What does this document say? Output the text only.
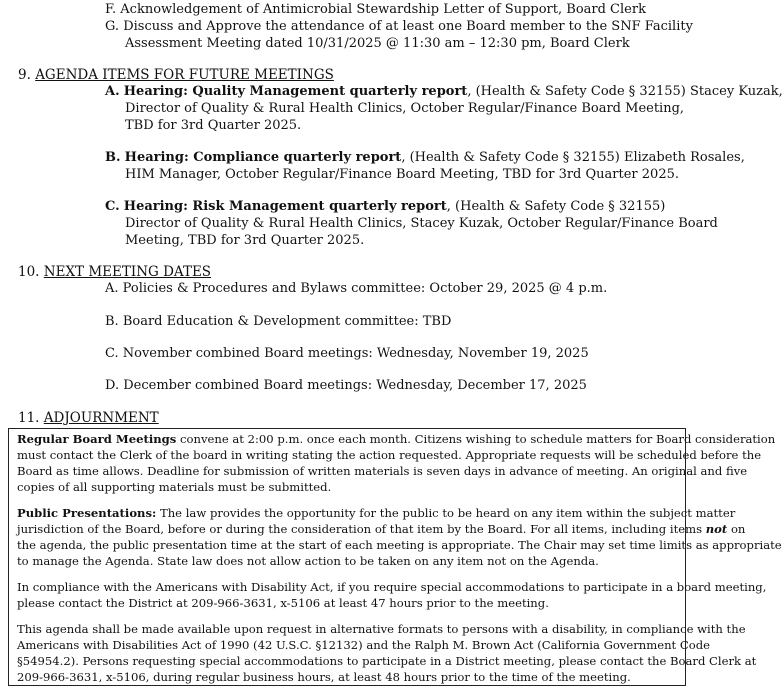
F. Acknowledgement of Antimicrobial Stewardship Letter of Support, Board Clerk
G. Discuss and Approve the attendance of at least one Board member to the SNF Facility
Assessment Meeting dated 10/31/2025 @ 11:30 am – 12:30 pm, Board Clerk
9. AGENDA ITEMS FOR FUTURE MEETINGS
A. Hearing: Quality Management quarterly report, (Health & Safety Code § 32155) Stacey Kuzak,
Director of Quality & Rural Health Clinics, October Regular/Finance Board Meeting,
TBD for 3rd Quarter 2025.
B. Hearing: Compliance quarterly report, (Health & Safety Code § 32155) Elizabeth Rosales,
HIM Manager, October Regular/Finance Board Meeting, TBD for 3rd Quarter 2025.
C. Hearing: Risk Management quarterly report, (Health & Safety Code § 32155)
Director of Quality & Rural Health Clinics, Stacey Kuzak, October Regular/Finance Board
Meeting, TBD for 3rd Quarter 2025.
10. NEXT MEETING DATES
A. Policies & Procedures and Bylaws committee: October 29, 2025 @ 4 p.m.
B. Board Education & Development committee: TBD
C. November combined Board meetings: Wednesday, November 19, 2025
D. December combined Board meetings: Wednesday, December 17, 2025
11. ADJOURNMENT
Regular Board Meetings convene at 2:00 p.m. once each month. Citizens wishing to schedule matters for Board consideration
must contact the Clerk of the board in writing stating the action requested. Appropriate requests will be scheduled before the
Board as time allows. Deadline for submission of written materials is seven days in advance of meeting. An original and five
copies of all supporting materials must be submitted.
Public Presentations: The law provides the opportunity for the public to be heard on any item within the subject matter
jurisdiction of the Board, before or during the consideration of that item by the Board. For all items, including items not on
the agenda, the public presentation time at the start of each meeting is appropriate. The Chair may set time limits as appropriate
to manage the Agenda. State law does not allow action to be taken on any item not on the Agenda.
In compliance with the Americans with Disability Act, if you require special accommodations to participate in a board meeting,
please contact the District at 209-966-3631, x-5106 at least 47 hours prior to the meeting.
This agenda shall be made available upon request in alternative formats to persons with a disability, in compliance with the
Americans with Disabilities Act of 1990 (42 U.S.C. §12132) and the Ralph M. Brown Act (California Government Code
§54954.2). Persons requesting special accommodations to participate in a District meeting, please contact the Board Clerk at
209-966-3631, x-5106, during regular business hours, at least 48 hours prior to the time of the meeting.
